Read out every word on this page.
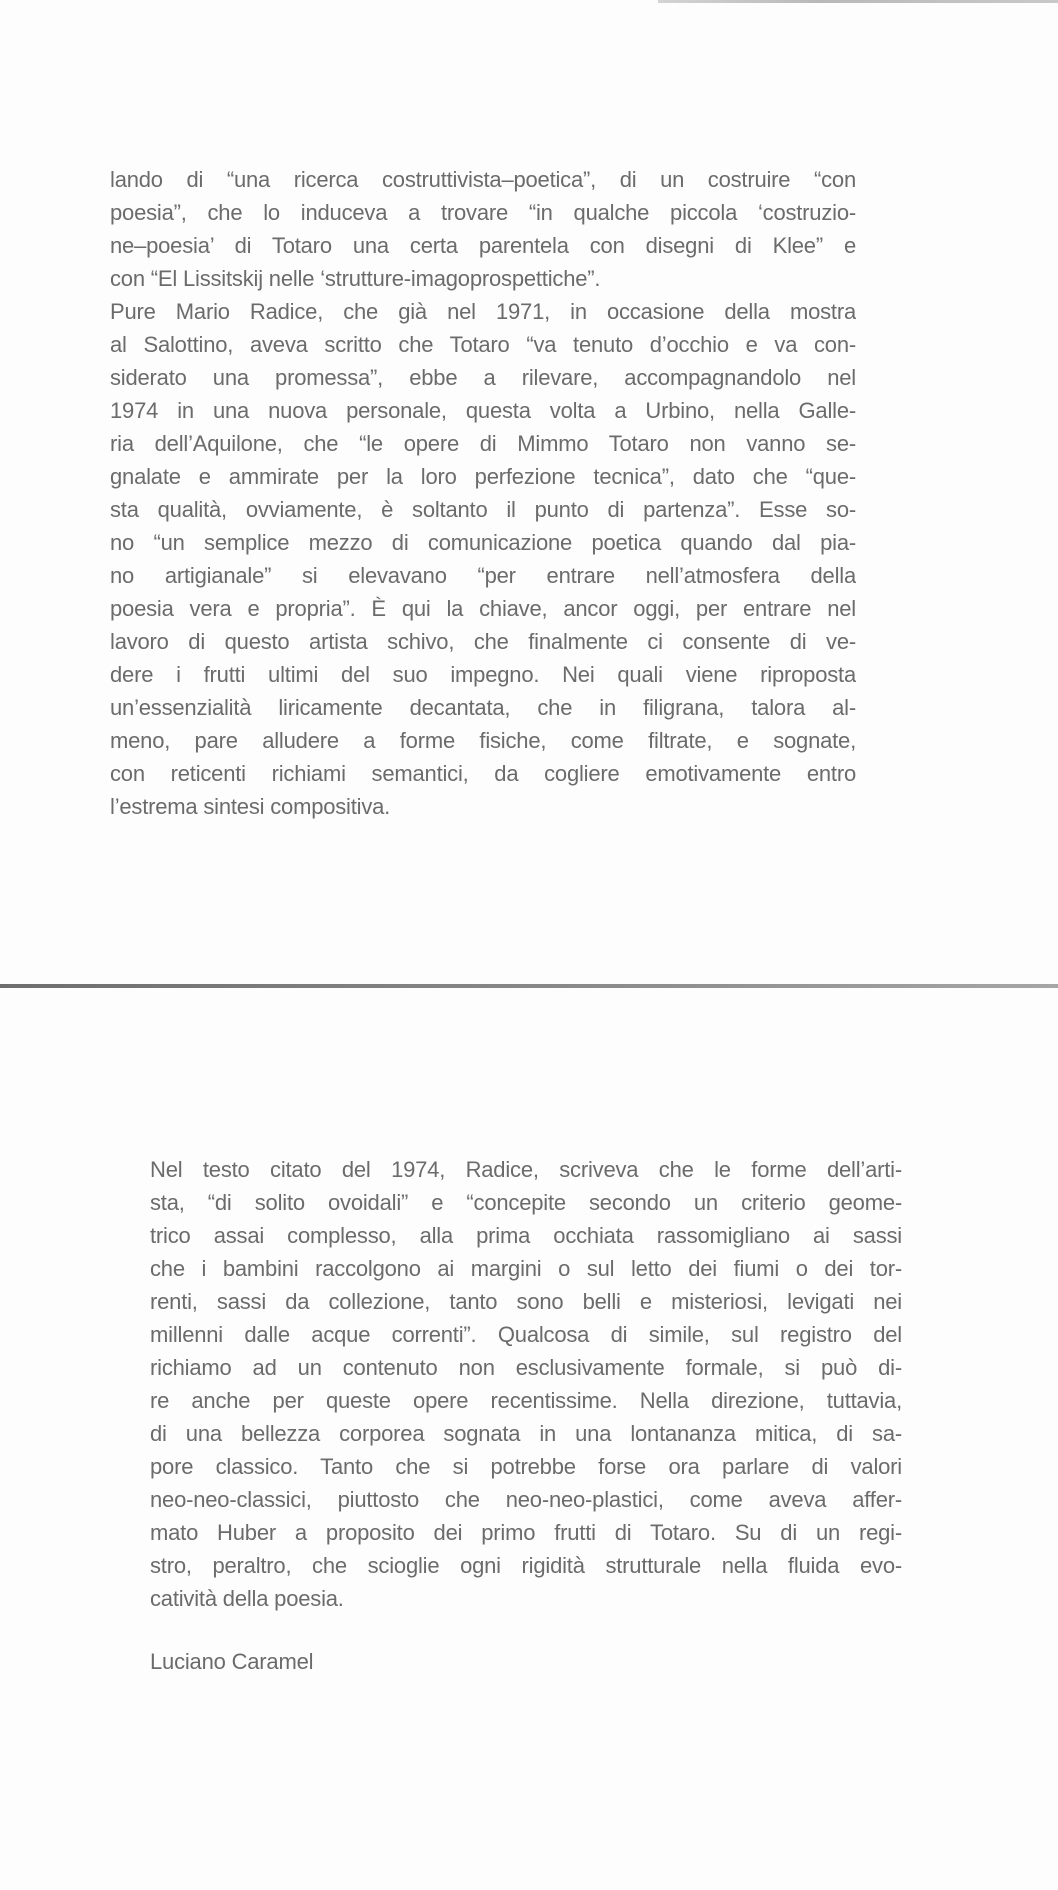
lando di “una ricerca costruttivista–poetica”, di un costruire “con
poesia”, che lo induceva a trovare “in qualche piccola ‘costruzio-
ne–poesia’ di Totaro una certa parentela con disegni di Klee” e
con “El Lissitskij nelle ‘strutture-imagoprospettiche”.
Pure Mario Radice, che già nel 1971, in occasione della mostra
al Salottino, aveva scritto che Totaro “va tenuto d’occhio e va con-
siderato una promessa”, ebbe a rilevare, accompagnandolo nel
1974 in una nuova personale, questa volta a Urbino, nella Galle-
ria dell’Aquilone, che “le opere di Mimmo Totaro non vanno se-
gnalate e ammirate per la loro perfezione tecnica”, dato che “que-
sta qualità, ovviamente, è soltanto il punto di partenza”. Esse so-
no “un semplice mezzo di comunicazione poetica quando dal pia-
no artigianale” si elevavano “per entrare nell’atmosfera della
poesia vera e propria”. È qui la chiave, ancor oggi, per entrare nel
lavoro di questo artista schivo, che finalmente ci consente di ve-
dere i frutti ultimi del suo impegno. Nei quali viene riproposta
un’essenzialità liricamente decantata, che in filigrana, talora al-
meno, pare alludere a forme fisiche, come filtrate, e sognate,
con reticenti richiami semantici, da cogliere emotivamente entro
l’estrema sintesi compositiva.
Nel testo citato del 1974, Radice, scriveva che le forme dell’arti-
sta, “di solito ovoidali” e “concepite secondo un criterio geome-
trico assai complesso, alla prima occhiata rassomigliano ai sassi
che i bambini raccolgono ai margini o sul letto dei fiumi o dei tor-
renti, sassi da collezione, tanto sono belli e misteriosi, levigati nei
millenni dalle acque correnti”. Qualcosa di simile, sul registro del
richiamo ad un contenuto non esclusivamente formale, si può di-
re anche per queste opere recentissime. Nella direzione, tuttavia,
di una bellezza corporea sognata in una lontananza mitica, di sa-
pore classico. Tanto che si potrebbe forse ora parlare di valori
neo-neo-classici, piuttosto che neo-neo-plastici, come aveva affer-
mato Huber a proposito dei primo frutti di Totaro. Su di un regi-
stro, peraltro, che scioglie ogni rigidità strutturale nella fluida evo-
catività della poesia.
Luciano Caramel
